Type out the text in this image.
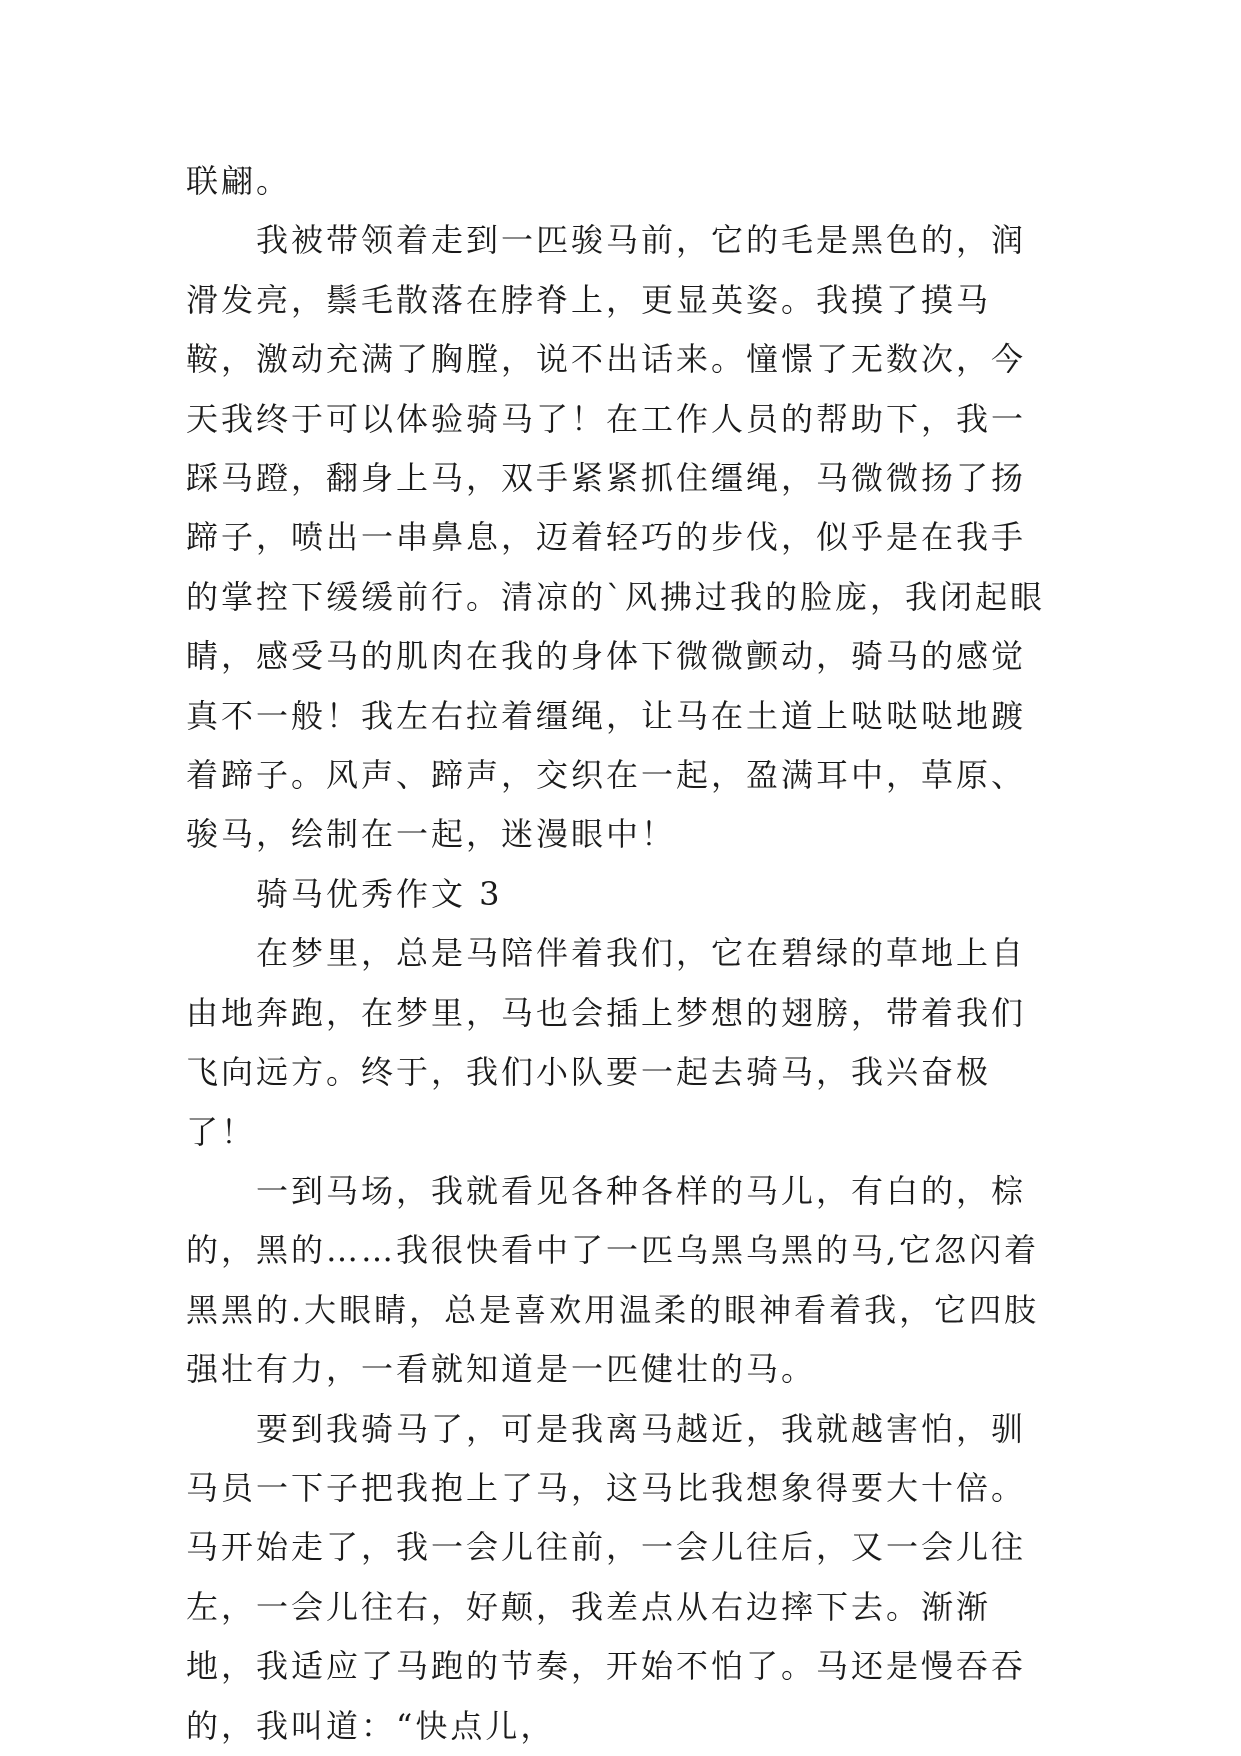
联翩。

我被带领着走到一匹骏马前，它的毛是黑色的，润滑发亮，鬃毛散落在脖脊上，更显英姿。我摸了摸马鞍，激动充满了胸膛，说不出话来。憧憬了无数次，今天我终于可以体验骑马了！在工作人员的帮助下，我一踩马蹬，翻身上马，双手紧紧抓住缰绳，马微微扬了扬蹄子，喷出一串鼻息，迈着轻巧的步伐，似乎是在我手的掌控下缓缓前行。清凉的`风拂过我的脸庞，我闭起眼睛，感受马的肌肉在我的身体下微微颤动，骑马的感觉真不一般！我左右拉着缰绳，让马在土道上哒哒哒地踱着蹄子。风声、蹄声，交织在一起，盈满耳中，草原、骏马，绘制在一起，迷漫眼中！

骑马优秀作文 3

在梦里，总是马陪伴着我们，它在碧绿的草地上自由地奔跑，在梦里，马也会插上梦想的翅膀，带着我们飞向远方。终于，我们小队要一起去骑马，我兴奋极了！

一到马场，我就看见各种各样的马儿，有白的，棕的，黑的……我很快看中了一匹乌黑乌黑的马,它忽闪着黑黑的.大眼睛，总是喜欢用温柔的眼神看着我，它四肢强壮有力，一看就知道是一匹健壮的马。

要到我骑马了，可是我离马越近，我就越害怕，驯马员一下子把我抱上了马，这马比我想象得要大十倍。马开始走了，我一会儿往前，一会儿往后，又一会儿往左，一会儿往右，好颠，我差点从右边摔下去。渐渐地，我适应了马跑的节奏，开始不怕了。马还是慢吞吞的，我叫道：“快点儿，
